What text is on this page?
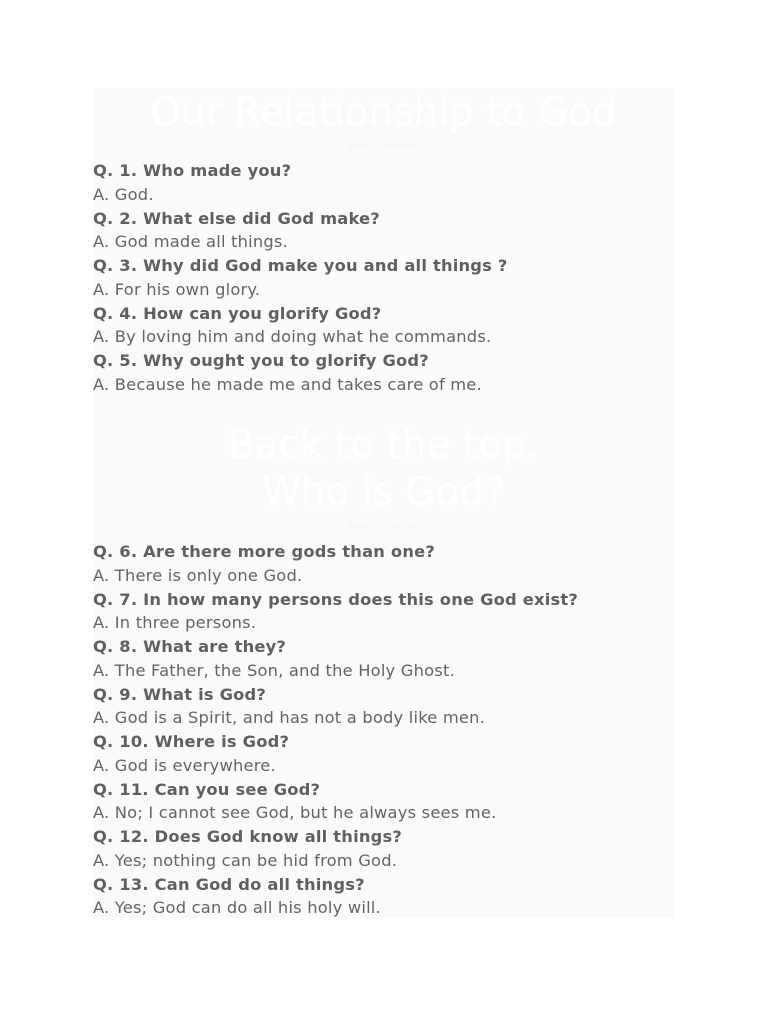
Our Relationship to God
Back to the top.
Q. 1. Who made you?
A. God.
Q. 2. What else did God make?
A. God made all things.
Q. 3. Why did God make you and all things ?
A. For his own glory.
Q. 4. How can you glorify God?
A. By loving him and doing what he commands.
Q. 5. Why ought you to glorify God?
A. Because he made me and takes care of me.
Back to the top.
Who is God?
Back to the top.
Q. 6. Are there more gods than one?
A. There is only one God.
Q. 7. In how many persons does this one God exist?
A. In three persons.
Q. 8. What are they?
A. The Father, the Son, and the Holy Ghost.
Q. 9. What is God?
A. God is a Spirit, and has not a body like men.
Q. 10. Where is God?
A. God is everywhere.
Q. 11. Can you see God?
A. No; I cannot see God, but he always sees me.
Q. 12. Does God know all things?
A. Yes; nothing can be hid from God.
Q. 13. Can God do all things?
A. Yes; God can do all his holy will.
